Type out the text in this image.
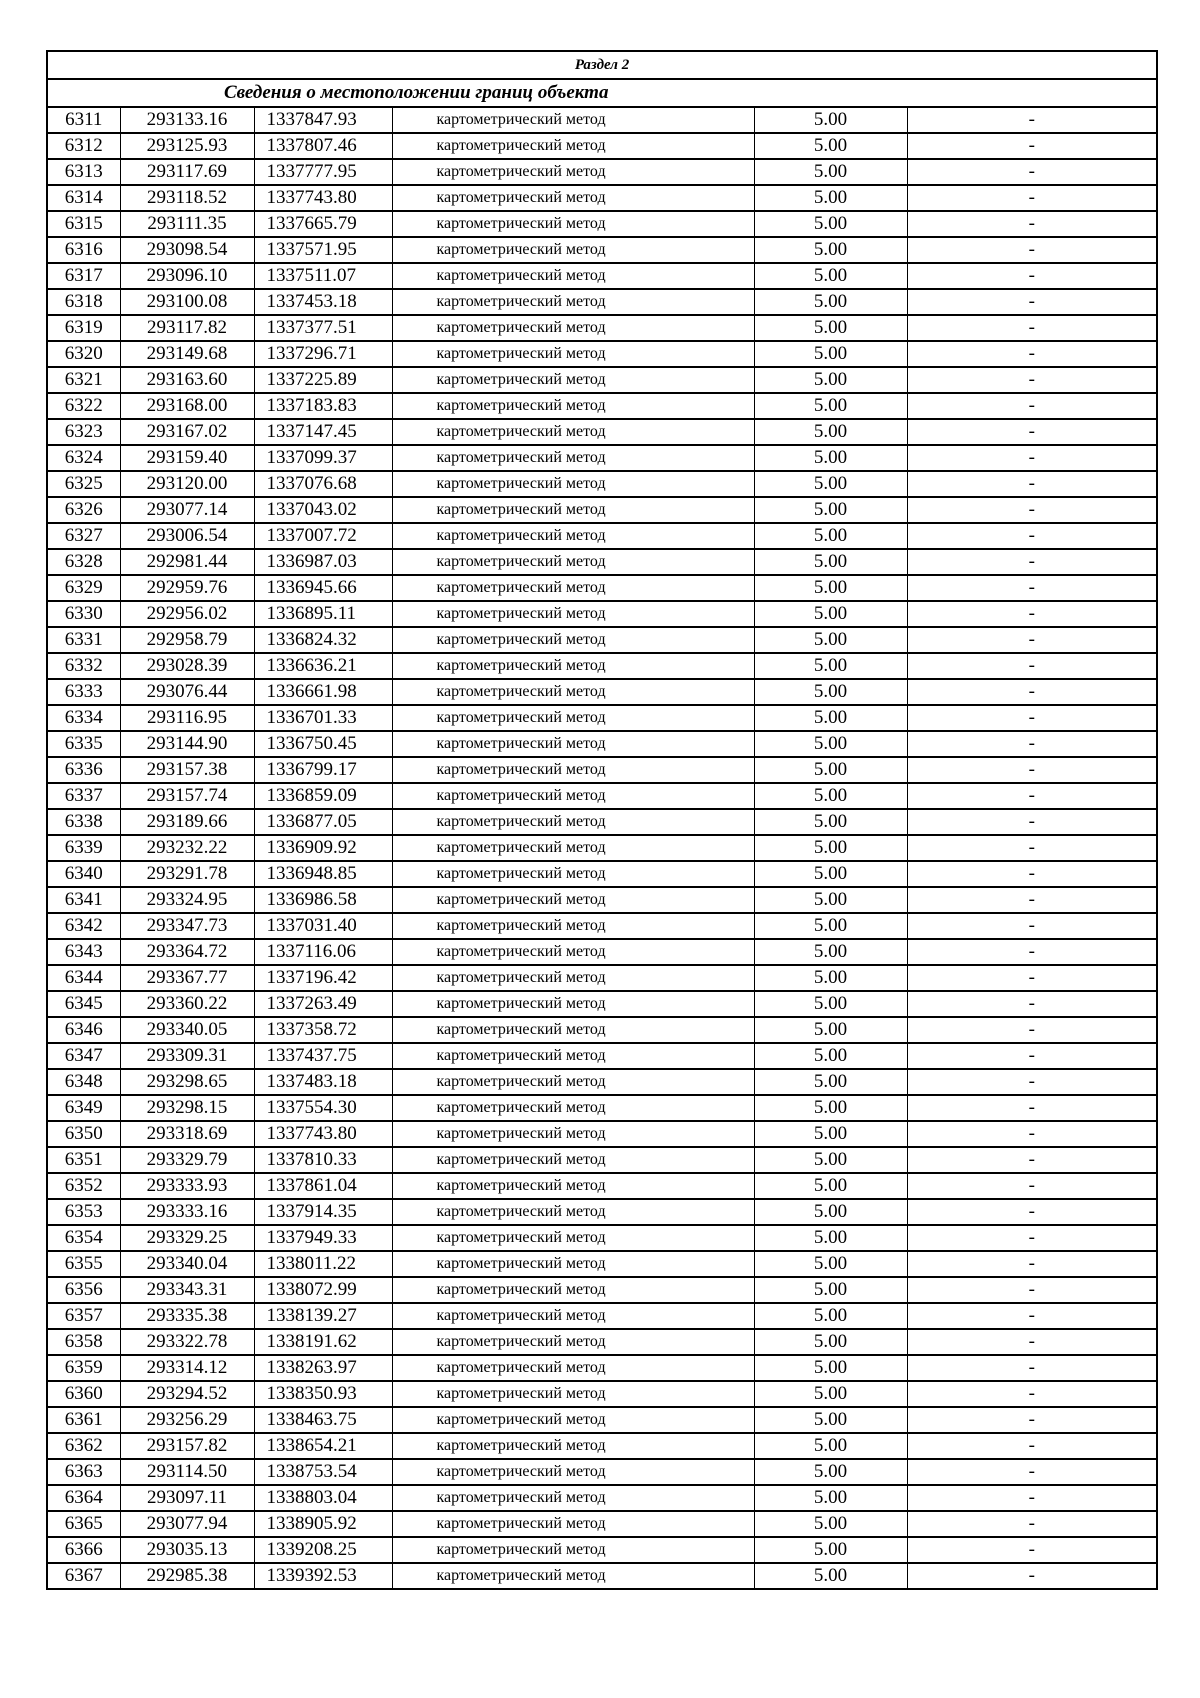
Раздел 2					
Сведения о местоположении границ объекта					
6311	293133.16	1337847.93	картометрический метод	5.00	-
6312	293125.93	1337807.46	картометрический метод	5.00	-
6313	293117.69	1337777.95	картометрический метод	5.00	-
6314	293118.52	1337743.80	картометрический метод	5.00	-
6315	293111.35	1337665.79	картометрический метод	5.00	-
6316	293098.54	1337571.95	картометрический метод	5.00	-
6317	293096.10	1337511.07	картометрический метод	5.00	-
6318	293100.08	1337453.18	картометрический метод	5.00	-
6319	293117.82	1337377.51	картометрический метод	5.00	-
6320	293149.68	1337296.71	картометрический метод	5.00	-
6321	293163.60	1337225.89	картометрический метод	5.00	-
6322	293168.00	1337183.83	картометрический метод	5.00	-
6323	293167.02	1337147.45	картометрический метод	5.00	-
6324	293159.40	1337099.37	картометрический метод	5.00	-
6325	293120.00	1337076.68	картометрический метод	5.00	-
6326	293077.14	1337043.02	картометрический метод	5.00	-
6327	293006.54	1337007.72	картометрический метод	5.00	-
6328	292981.44	1336987.03	картометрический метод	5.00	-
6329	292959.76	1336945.66	картометрический метод	5.00	-
6330	292956.02	1336895.11	картометрический метод	5.00	-
6331	292958.79	1336824.32	картометрический метод	5.00	-
6332	293028.39	1336636.21	картометрический метод	5.00	-
6333	293076.44	1336661.98	картометрический метод	5.00	-
6334	293116.95	1336701.33	картометрический метод	5.00	-
6335	293144.90	1336750.45	картометрический метод	5.00	-
6336	293157.38	1336799.17	картометрический метод	5.00	-
6337	293157.74	1336859.09	картометрический метод	5.00	-
6338	293189.66	1336877.05	картометрический метод	5.00	-
6339	293232.22	1336909.92	картометрический метод	5.00	-
6340	293291.78	1336948.85	картометрический метод	5.00	-
6341	293324.95	1336986.58	картометрический метод	5.00	-
6342	293347.73	1337031.40	картометрический метод	5.00	-
6343	293364.72	1337116.06	картометрический метод	5.00	-
6344	293367.77	1337196.42	картометрический метод	5.00	-
6345	293360.22	1337263.49	картометрический метод	5.00	-
6346	293340.05	1337358.72	картометрический метод	5.00	-
6347	293309.31	1337437.75	картометрический метод	5.00	-
6348	293298.65	1337483.18	картометрический метод	5.00	-
6349	293298.15	1337554.30	картометрический метод	5.00	-
6350	293318.69	1337743.80	картометрический метод	5.00	-
6351	293329.79	1337810.33	картометрический метод	5.00	-
6352	293333.93	1337861.04	картометрический метод	5.00	-
6353	293333.16	1337914.35	картометрический метод	5.00	-
6354	293329.25	1337949.33	картометрический метод	5.00	-
6355	293340.04	1338011.22	картометрический метод	5.00	-
6356	293343.31	1338072.99	картометрический метод	5.00	-
6357	293335.38	1338139.27	картометрический метод	5.00	-
6358	293322.78	1338191.62	картометрический метод	5.00	-
6359	293314.12	1338263.97	картометрический метод	5.00	-
6360	293294.52	1338350.93	картометрический метод	5.00	-
6361	293256.29	1338463.75	картометрический метод	5.00	-
6362	293157.82	1338654.21	картометрический метод	5.00	-
6363	293114.50	1338753.54	картометрический метод	5.00	-
6364	293097.11	1338803.04	картометрический метод	5.00	-
6365	293077.94	1338905.92	картометрический метод	5.00	-
6366	293035.13	1339208.25	картометрический метод	5.00	-
6367	292985.38	1339392.53	картометрический метод	5.00	-
